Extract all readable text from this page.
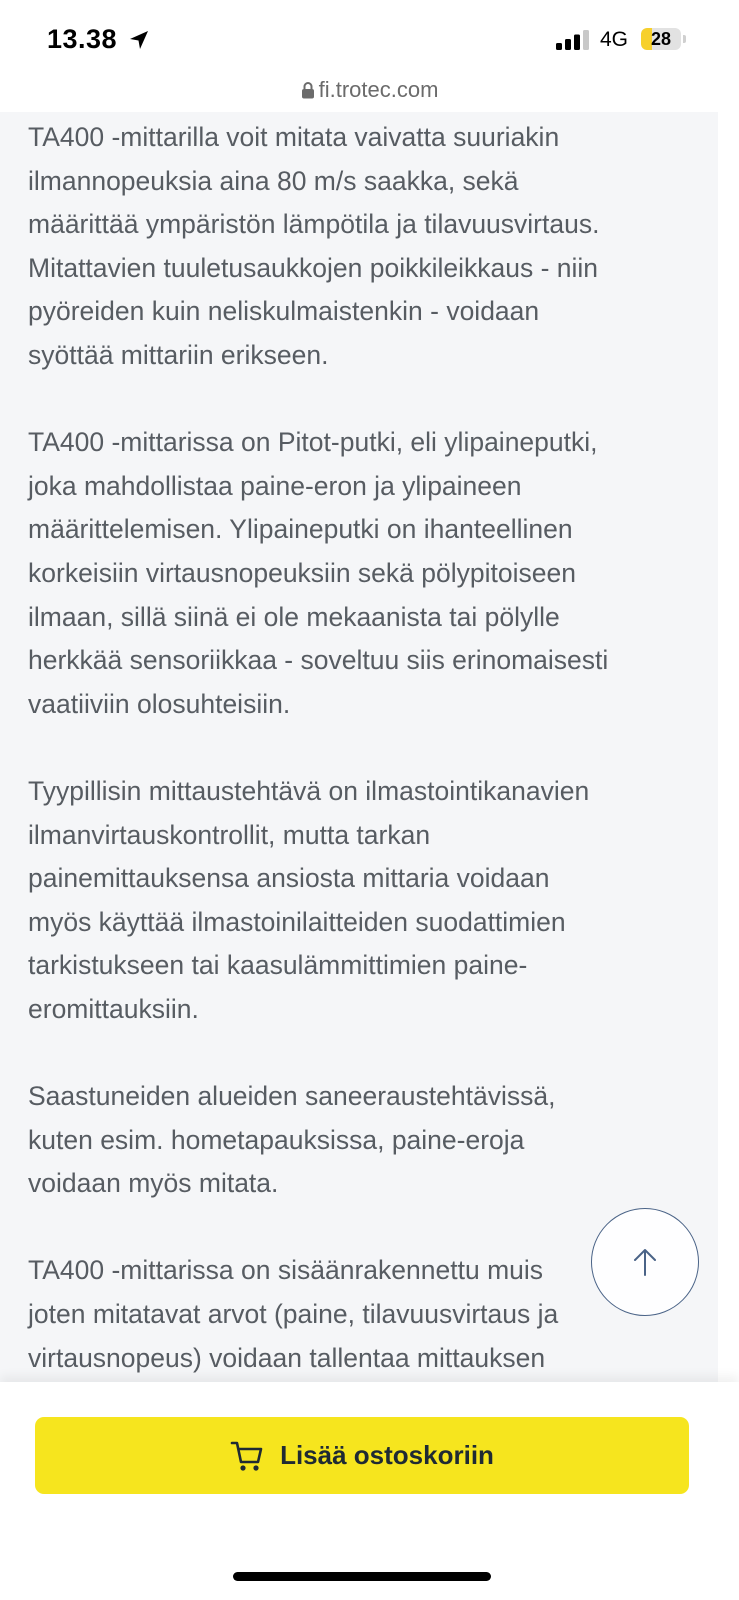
13.38	4G	28
fi.trotec.com
TA400 -mittarilla voit mitata vaivatta suuriakin
ilmannopeuksia aina 80 m/s saakka, sekä
määrittää ympäristön lämpötila ja tilavuusvirtaus.
Mitattavien tuuletusaukkojen poikkileikkaus - niin
pyöreiden kuin neliskulmaistenkin - voidaan
syöttää mittariin erikseen.
TA400 -mittarissa on Pitot-putki, eli ylipaineputki,
joka mahdollistaa paine-eron ja ylipaineen
määrittelemisen. Ylipaineputki on ihanteellinen
korkeisiin virtausnopeuksiin sekä pölypitoiseen
ilmaan, sillä siinä ei ole mekaanista tai pölylle
herkkää sensoriikkaa - soveltuu siis erinomaisesti
vaatiiviin olosuhteisiin.
Tyypillisin mittaustehtävä on ilmastointikanavien
ilmanvirtauskontrollit, mutta tarkan
painemittauksensa ansiosta mittaria voidaan
myös käyttää ilmastoinilaitteiden suodattimien
tarkistukseen tai kaasulämmittimien paine-
eromittauksiin.
Saastuneiden alueiden saneeraustehtävissä,
kuten esim. hometapauksissa, paine-eroja
voidaan myös mitata.
TA400 -mittarissa on sisäänrakennettu muis
joten mitatavat arvot (paine, tilavuusvirtaus ja
virtausnopeus) voidaan tallentaa mittauksen
Lisää ostoskoriin
